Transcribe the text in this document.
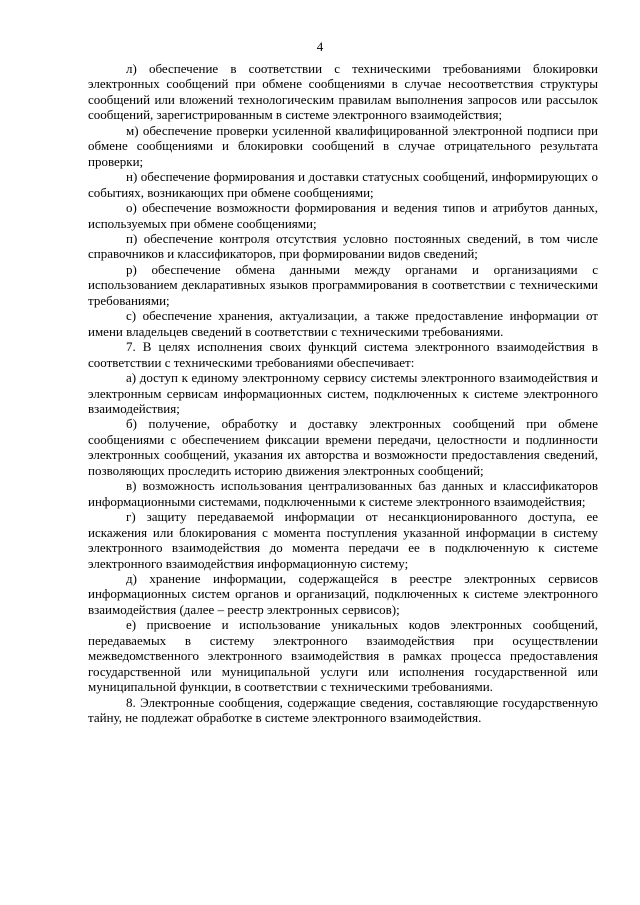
4

л) обеспечение в соответствии с техническими требованиями блокировки электронных сообщений при обмене сообщениями в случае несоответствия структуры сообщений или вложений технологическим правилам выполнения запросов или рассылок сообщений, зарегистрированным в системе электронного взаимодействия;

м) обеспечение проверки усиленной квалифицированной электронной подписи при обмене сообщениями и блокировки сообщений в случае отрицательного результата проверки;

н) обеспечение формирования и доставки статусных сообщений, информирующих о событиях, возникающих при обмене сообщениями;

о) обеспечение возможности формирования и ведения типов и атрибутов данных, используемых при обмене сообщениями;

п) обеспечение контроля отсутствия условно постоянных сведений, в том числе справочников и классификаторов, при формировании видов сведений;

р) обеспечение обмена данными между органами и организациями с использованием декларативных языков программирования в соответствии с техническими требованиями;

с) обеспечение хранения, актуализации, а также предоставление информации от имени владельцев сведений в соответствии с техническими требованиями.

7. В целях исполнения своих функций система электронного взаимодействия в соответствии с техническими требованиями обеспечивает:

а) доступ к единому электронному сервису системы электронного взаимодействия и электронным сервисам информационных систем, подключенных к системе электронного взаимодействия;

б) получение, обработку и доставку электронных сообщений при обмене сообщениями с обеспечением фиксации времени передачи, целостности и подлинности электронных сообщений, указания их авторства и возможности предоставления сведений, позволяющих проследить историю движения электронных сообщений;

в) возможность использования централизованных баз данных и классификаторов информационными системами, подключенными к системе электронного взаимодействия;

г) защиту передаваемой информации от несанкционированного доступа, ее искажения или блокирования с момента поступления указанной информации в систему электронного взаимодействия до момента передачи ее в подключенную к системе электронного взаимодействия информационную систему;

д) хранение информации, содержащейся в реестре электронных сервисов информационных систем органов и организаций, подключенных к системе электронного взаимодействия (далее – реестр электронных сервисов);

е) присвоение и использование уникальных кодов электронных сообщений, передаваемых в систему электронного взаимодействия при осуществлении межведомственного электронного взаимодействия в рамках процесса предоставления государственной или муниципальной услуги или исполнения государственной или муниципальной функции, в соответствии с техническими требованиями.

8. Электронные сообщения, содержащие сведения, составляющие государственную тайну, не подлежат обработке в системе электронного взаимодействия.
